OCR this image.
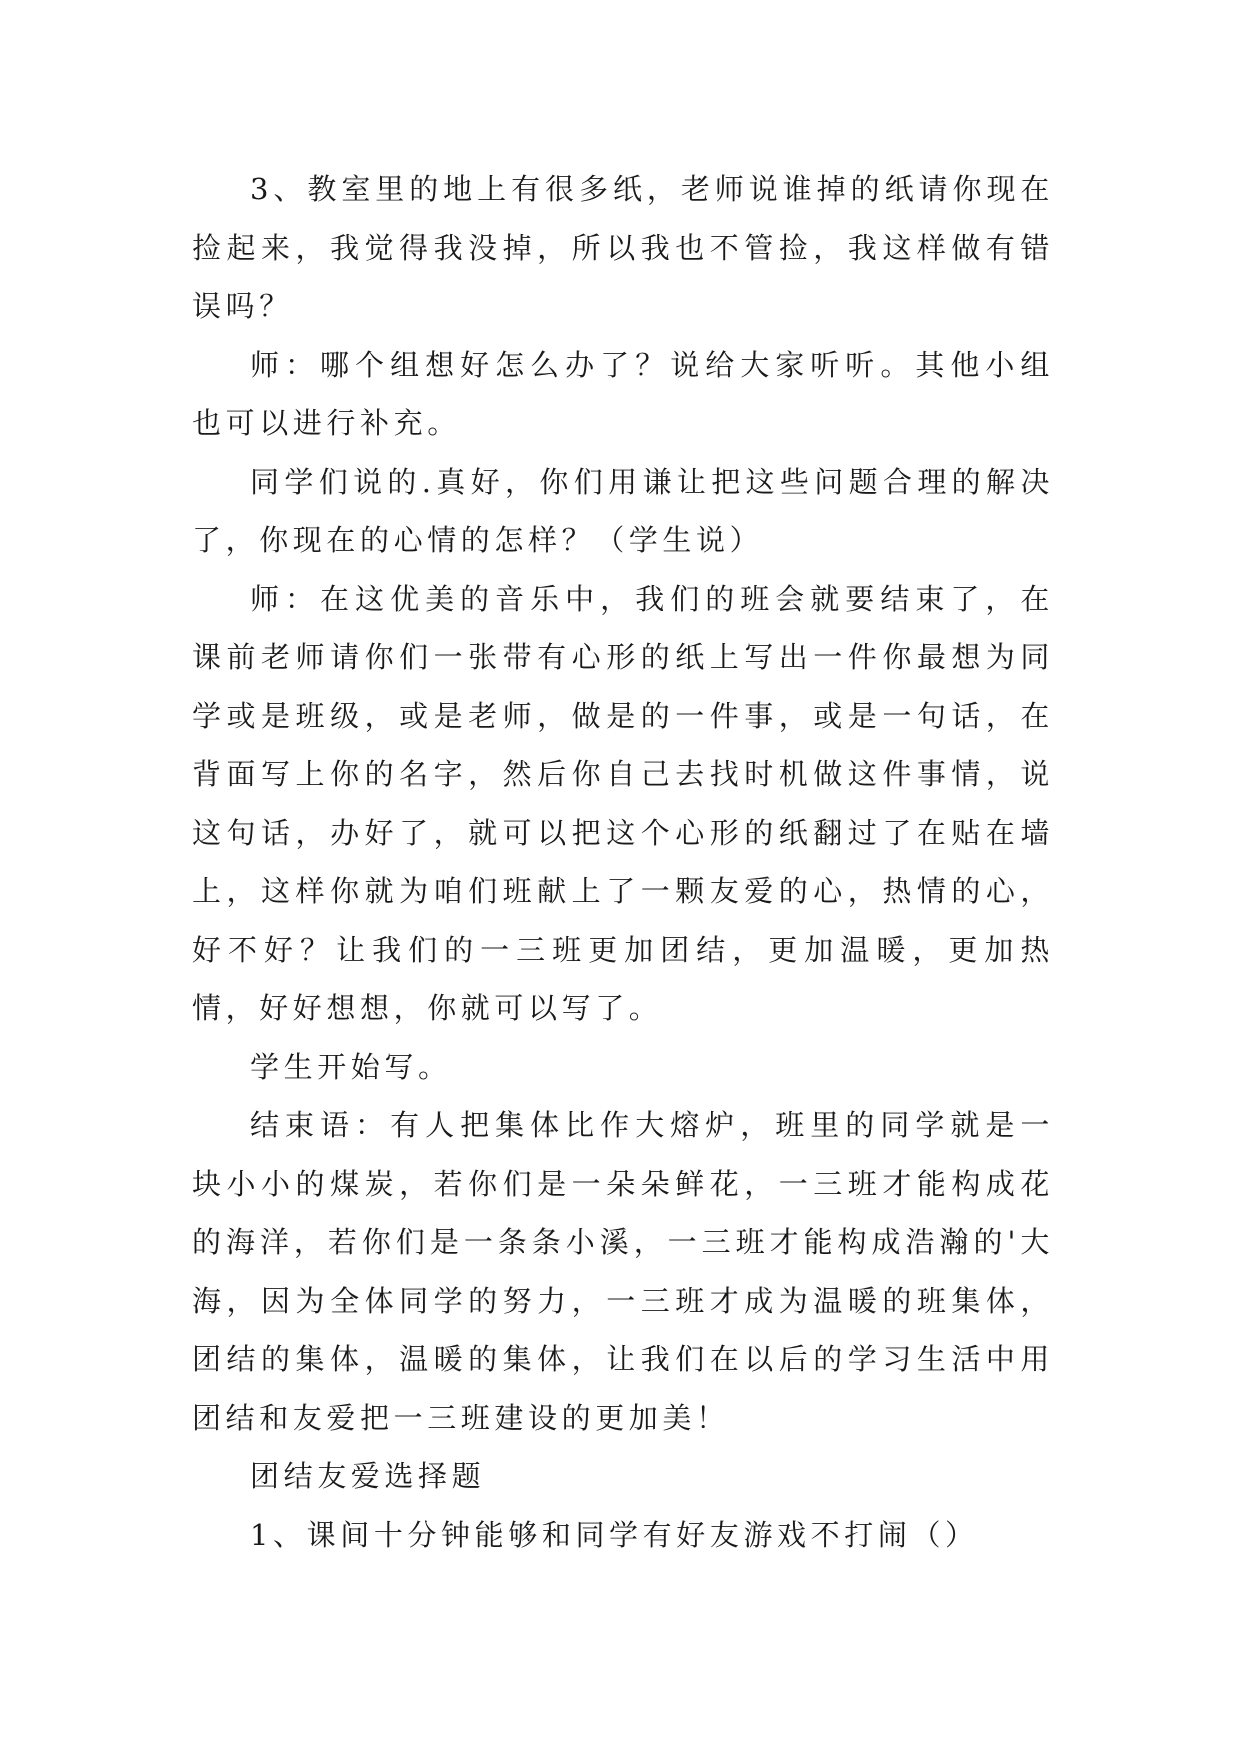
3、教室里的地上有很多纸，老师说谁掉的纸请你现在捡起来，我觉得我没掉，所以我也不管捡，我这样做有错误吗？

师：哪个组想好怎么办了？说给大家听听。其他小组也可以进行补充。

同学们说的.真好，你们用谦让把这些问题合理的解决了，你现在的心情的怎样？（学生说）

师：在这优美的音乐中，我们的班会就要结束了，在课前老师请你们一张带有心形的纸上写出一件你最想为同学或是班级，或是老师，做是的一件事，或是一句话，在背面写上你的名字，然后你自己去找时机做这件事情，说这句话，办好了，就可以把这个心形的纸翻过了在贴在墙上，这样你就为咱们班献上了一颗友爱的心，热情的心，好不好？让我们的一三班更加团结，更加温暖，更加热情，好好想想，你就可以写了。

学生开始写。

结束语：有人把集体比作大熔炉，班里的同学就是一块小小的煤炭，若你们是一朵朵鲜花，一三班才能构成花的海洋，若你们是一条条小溪，一三班才能构成浩瀚的'大海，因为全体同学的努力，一三班才成为温暖的班集体，团结的集体，温暖的集体，让我们在以后的学习生活中用团结和友爱把一三班建设的更加美！

团结友爱选择题

1、课间十分钟能够和同学有好友游戏不打闹（）
